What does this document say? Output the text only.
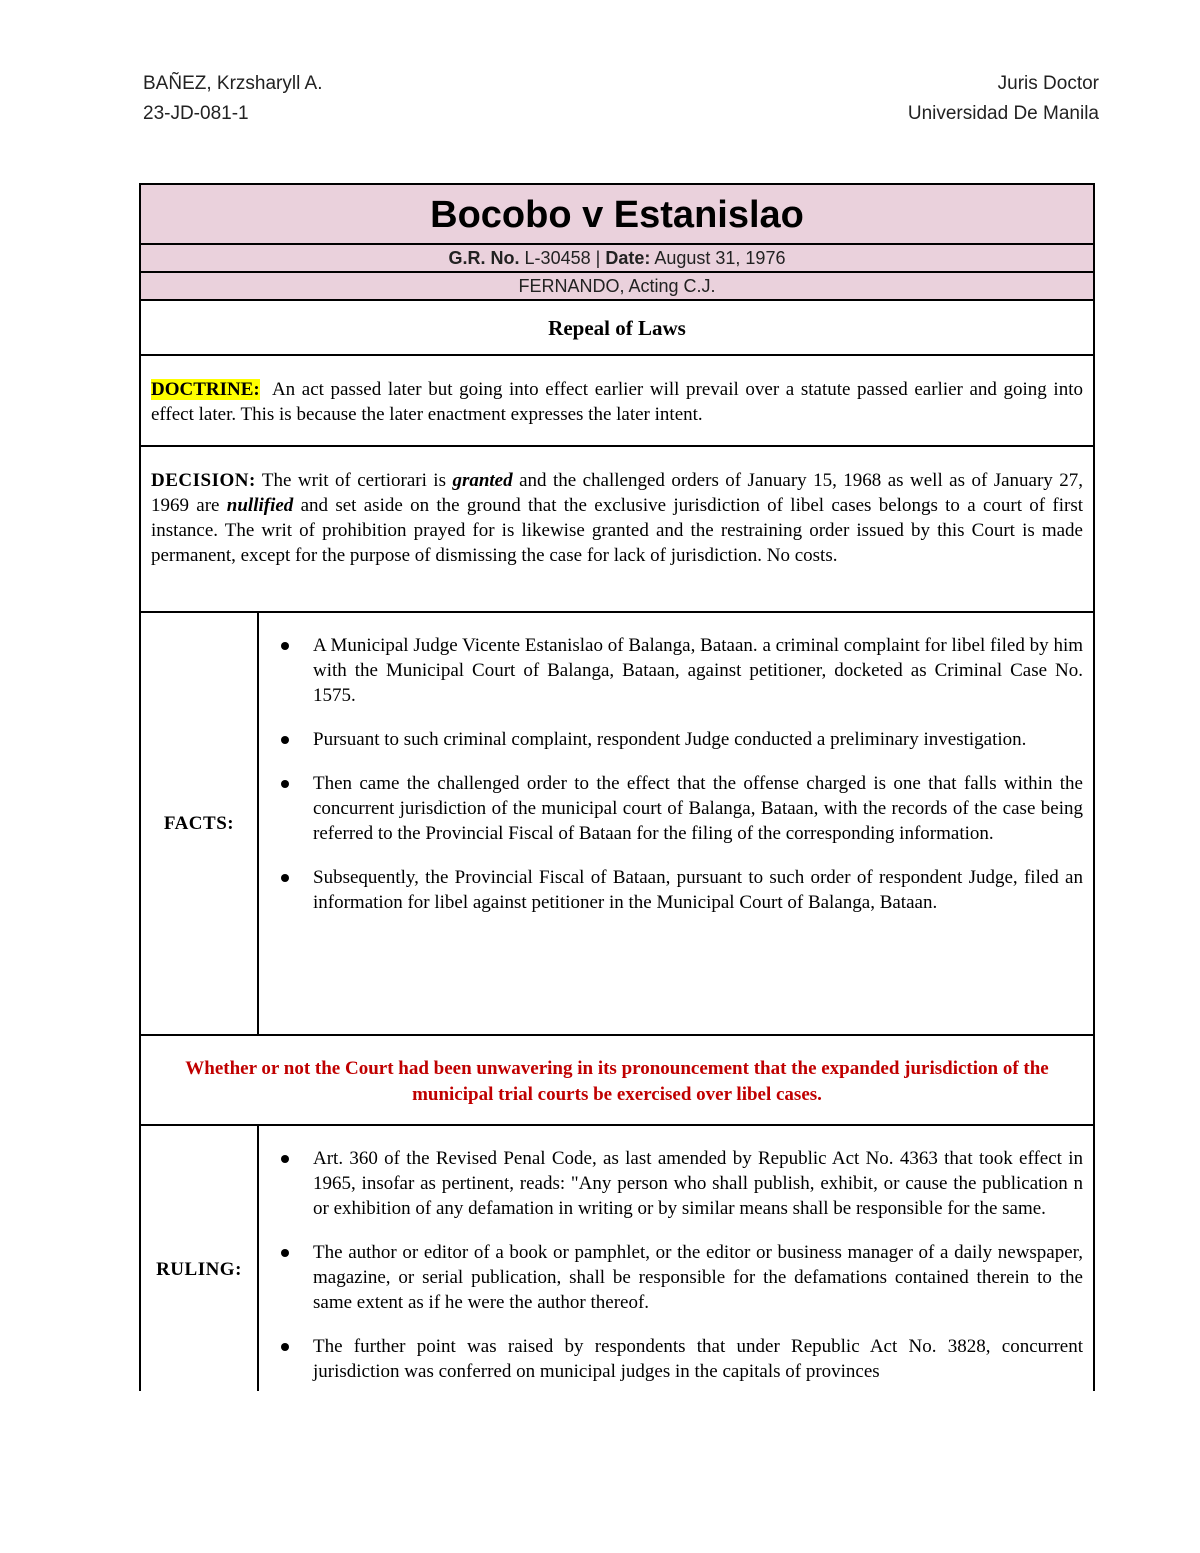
BAÑEZ, Krzsharyll A.
23-JD-081-1
Juris Doctor
Universidad De Manila
Bocobo v Estanislao
G.R. No. L-30458 | Date: August 31, 1976
FERNANDO, Acting C.J.
Repeal of Laws
DOCTRINE: An act passed later but going into effect earlier will prevail over a statute passed earlier and going into effect later. This is because the later enactment expresses the later intent.
DECISION: The writ of certiorari is granted and the challenged orders of January 15, 1968 as well as of January 27, 1969 are nullified and set aside on the ground that the exclusive jurisdiction of libel cases belongs to a court of first instance. The writ of prohibition prayed for is likewise granted and the restraining order issued by this Court is made permanent, except for the purpose of dismissing the case for lack of jurisdiction. No costs.
FACTS:
A Municipal Judge Vicente Estanislao of Balanga, Bataan. a criminal complaint for libel filed by him with the Municipal Court of Balanga, Bataan, against petitioner, docketed as Criminal Case No. 1575.
Pursuant to such criminal complaint, respondent Judge conducted a preliminary investigation.
Then came the challenged order to the effect that the offense charged is one that falls within the concurrent jurisdiction of the municipal court of Balanga, Bataan, with the records of the case being referred to the Provincial Fiscal of Bataan for the filing of the corresponding information.
Subsequently, the Provincial Fiscal of Bataan, pursuant to such order of respondent Judge, filed an information for libel against petitioner in the Municipal Court of Balanga, Bataan.
Whether or not the Court had been unwavering in its pronouncement that the expanded jurisdiction of the municipal trial courts be exercised over libel cases.
RULING:
Art. 360 of the Revised Penal Code, as last amended by Republic Act No. 4363 that took effect in 1965, insofar as pertinent, reads: "Any person who shall publish, exhibit, or cause the publication n or exhibition of any defamation in writing or by similar means shall be responsible for the same.
The author or editor of a book or pamphlet, or the editor or business manager of a daily newspaper, magazine, or serial publication, shall be responsible for the defamations contained therein to the same extent as if he were the author thereof.
The further point was raised by respondents that under Republic Act No. 3828, concurrent jurisdiction was conferred on municipal judges in the capitals of provinces
